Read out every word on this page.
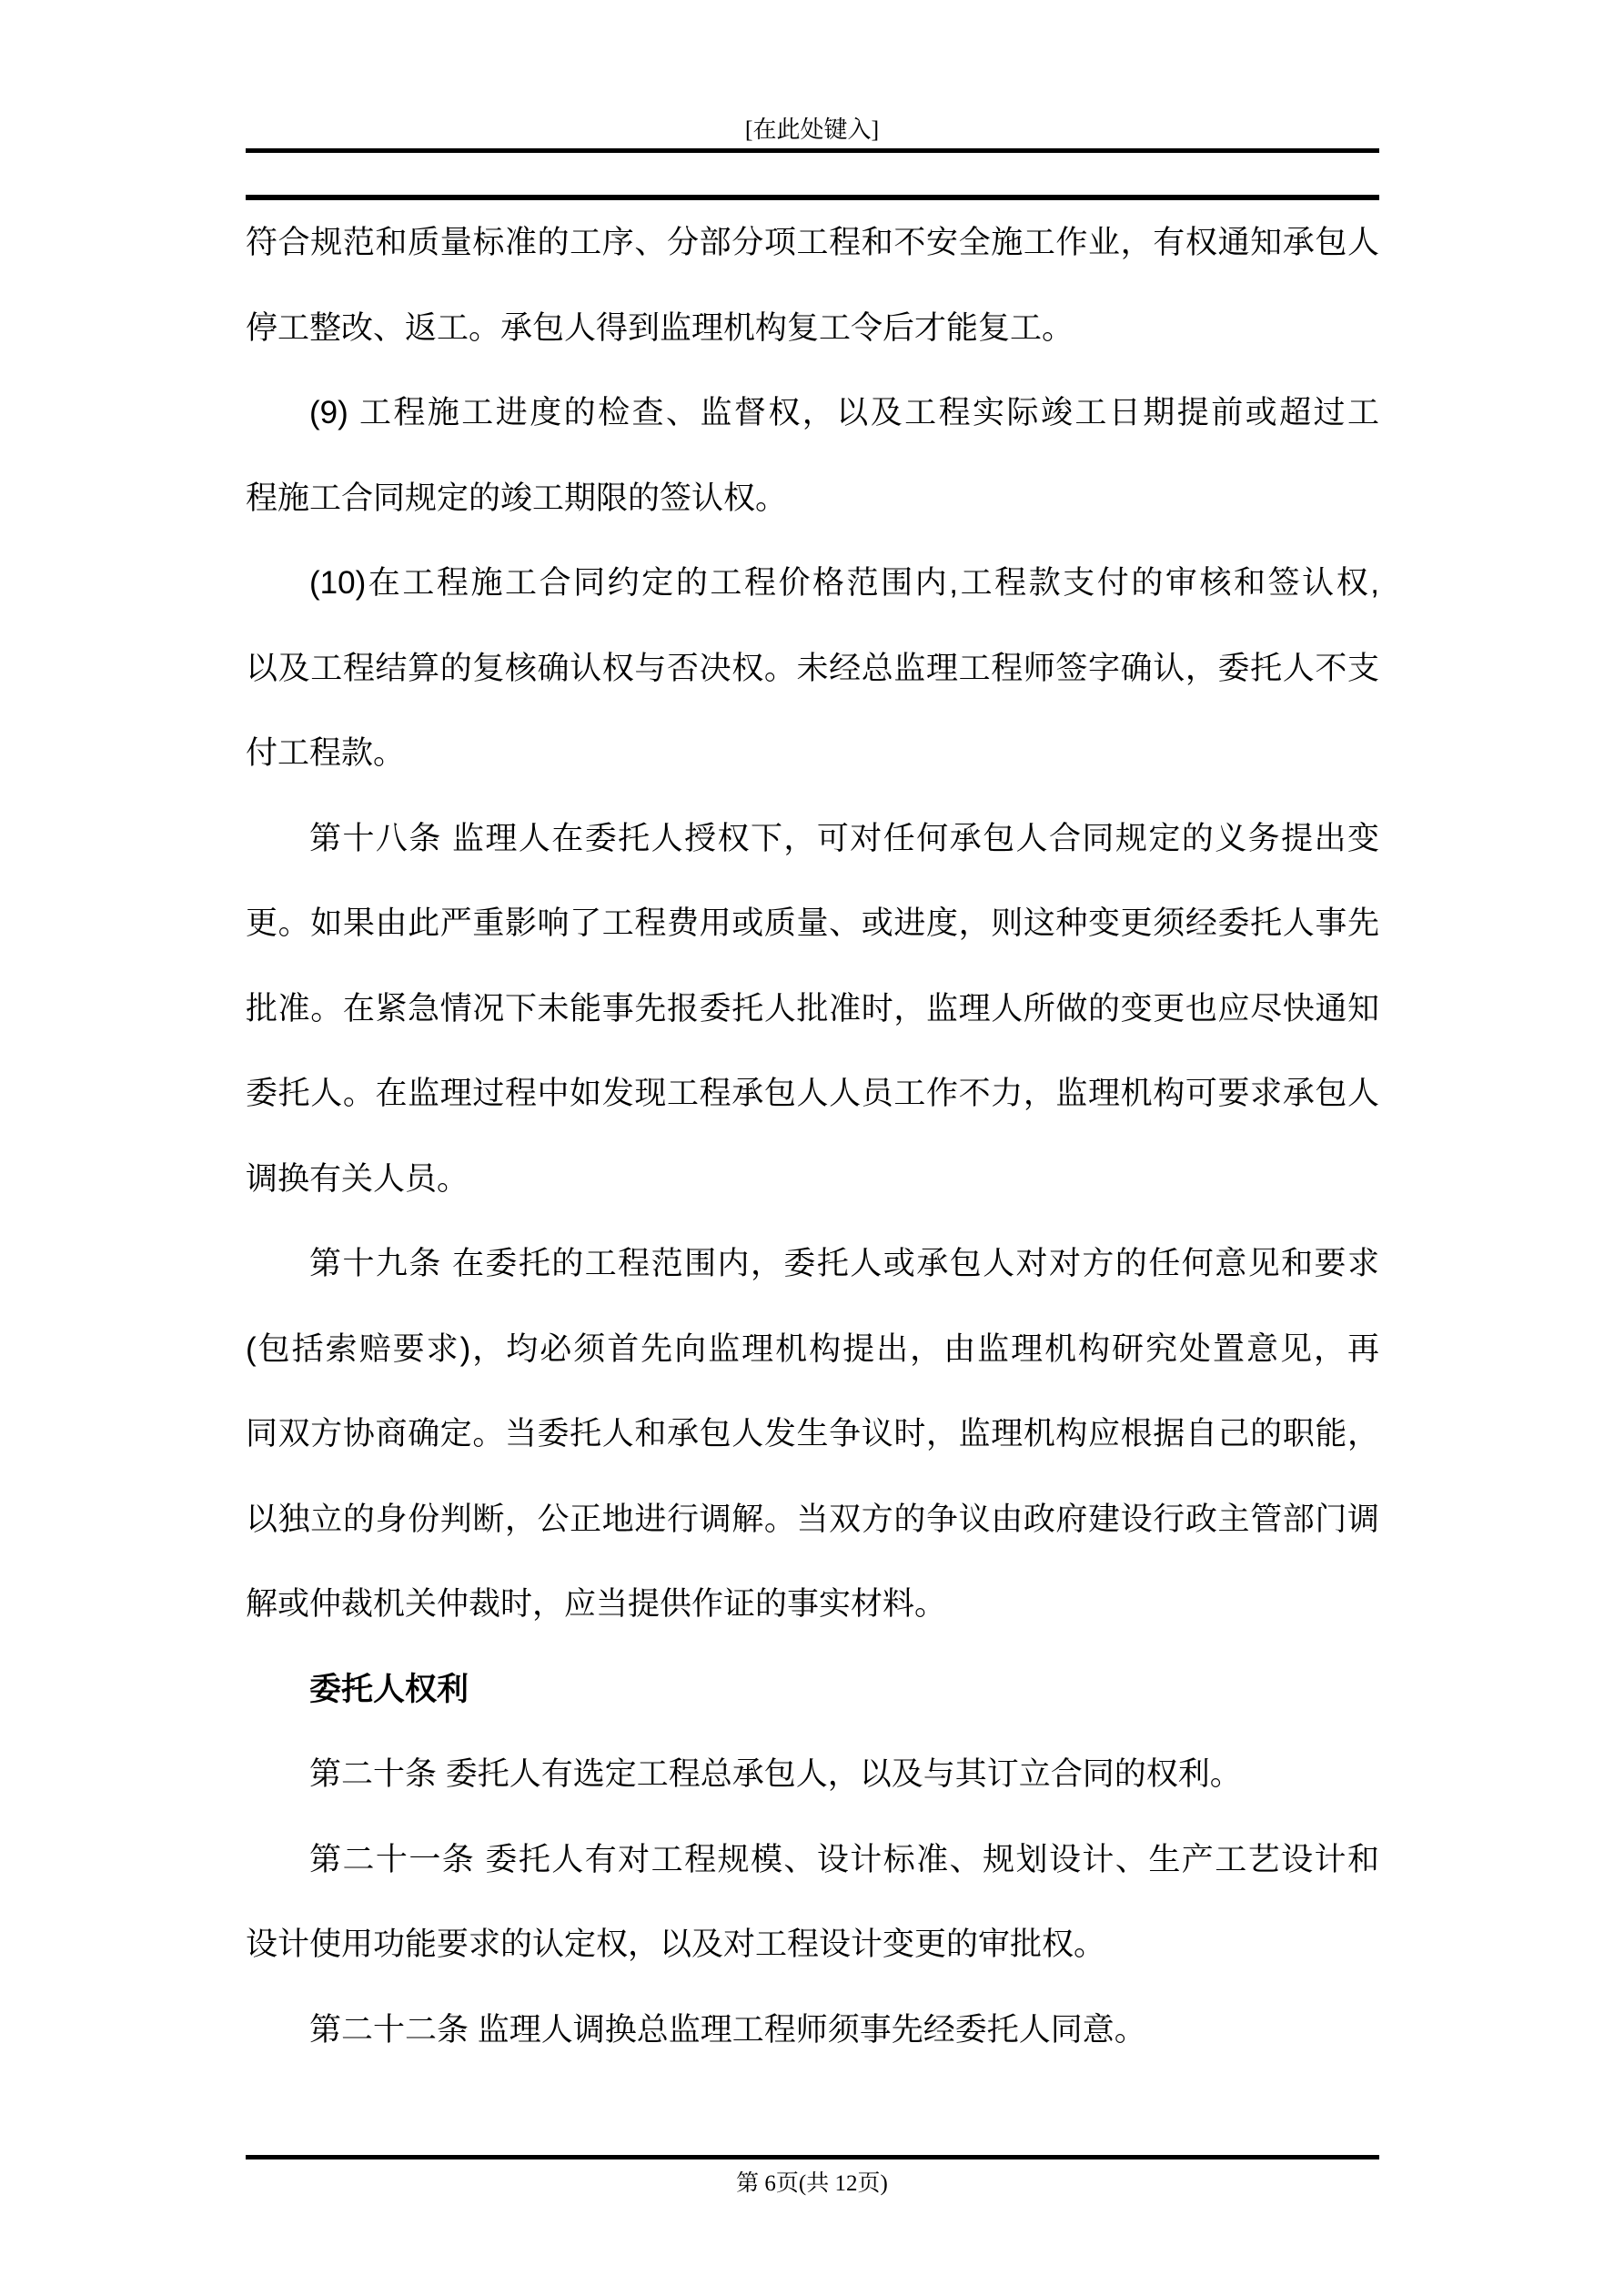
[在此处键入]
符合规范和质量标准的工序、分部分项工程和不安全施工作业，有权通知承包人
停工整改、返工。承包人得到监理机构复工令后才能复工。
(9) 工程施工进度的检查、监督权，以及工程实际竣工日期提前或超过工
程施工合同规定的竣工期限的签认权。
(10)在工程施工合同约定的工程价格范围内,工程款支付的审核和签认权,
以及工程结算的复核确认权与否决权。未经总监理工程师签字确认，委托人不支
付工程款。
第十八条 监理人在委托人授权下，可对任何承包人合同规定的义务提出变
更。如果由此严重影响了工程费用或质量、或进度，则这种变更须经委托人事先
批准。在紧急情况下未能事先报委托人批准时，监理人所做的变更也应尽快通知
委托人。在监理过程中如发现工程承包人人员工作不力，监理机构可要求承包人
调换有关人员。
第十九条 在委托的工程范围内，委托人或承包人对对方的任何意见和要求
(包括索赔要求)，均必须首先向监理机构提出，由监理机构研究处置意见，再
同双方协商确定。当委托人和承包人发生争议时，监理机构应根据自己的职能，
以独立的身份判断，公正地进行调解。当双方的争议由政府建设行政主管部门调
解或仲裁机关仲裁时，应当提供作证的事实材料。
委托人权利
第二十条 委托人有选定工程总承包人，以及与其订立合同的权利。
第二十一条 委托人有对工程规模、设计标准、规划设计、生产工艺设计和
设计使用功能要求的认定权，以及对工程设计变更的审批权。
第二十二条 监理人调换总监理工程师须事先经委托人同意。
第 6页(共 12页)
